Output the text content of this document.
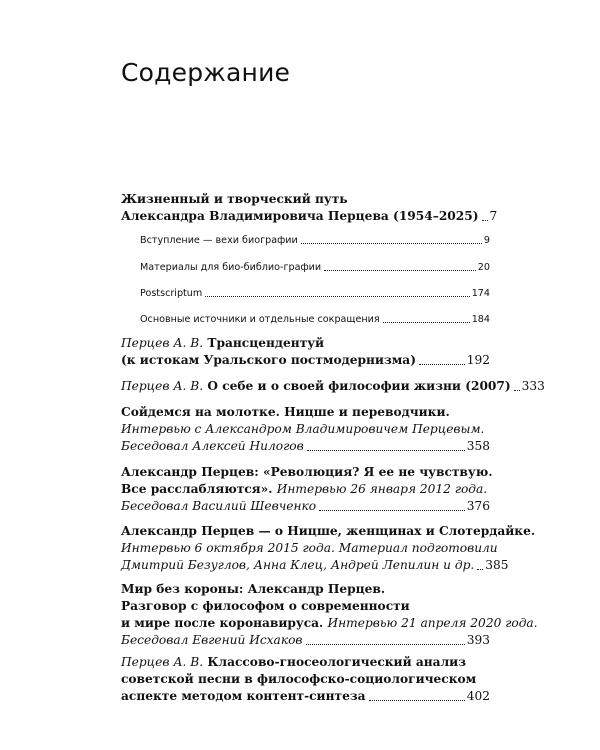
Содержание
Жизненный и творческий путь
Александра Владимировича Перцева (1954–2025) 7
Вступление — вехи биографии	9
Материалы для био-библио-графии	20
Postscriptum	174
Основные источники и отдельные сокращения	184
Перцев А. В. Трансцендентуй
(к истокам Уральского постмодернизма)	192
Перцев А. В. О себе и о своей философии жизни (2007) 333
Сойдемся на молотке. Ницше и переводчики.
Интервью с Александром Владимировичем Перцевым.
Беседовал Алексей Нилогов	358
Александр Перцев: «Революция? Я ее не чувствую.
Все расслабляются». Интервью 26 января 2012 года.
Беседовал Василий Шевченко	376
Александр Перцев — о Ницше, женщинах и Слотердайке.
Интервью 6 октября 2015 года. Материал подготовили
Дмитрий Безуглов, Анна Клец, Андрей Лепилин и др. 385
Мир без короны: Александр Перцев.
Разговор с философом о современности
и мире после коронавируса. Интервью 21 апреля 2020 года.
Беседовал Евгений Исхаков	393
Перцев А. В. Классово-гносеологический анализ
советской песни в философско-социологическом
аспекте методом контент-синтеза	402
